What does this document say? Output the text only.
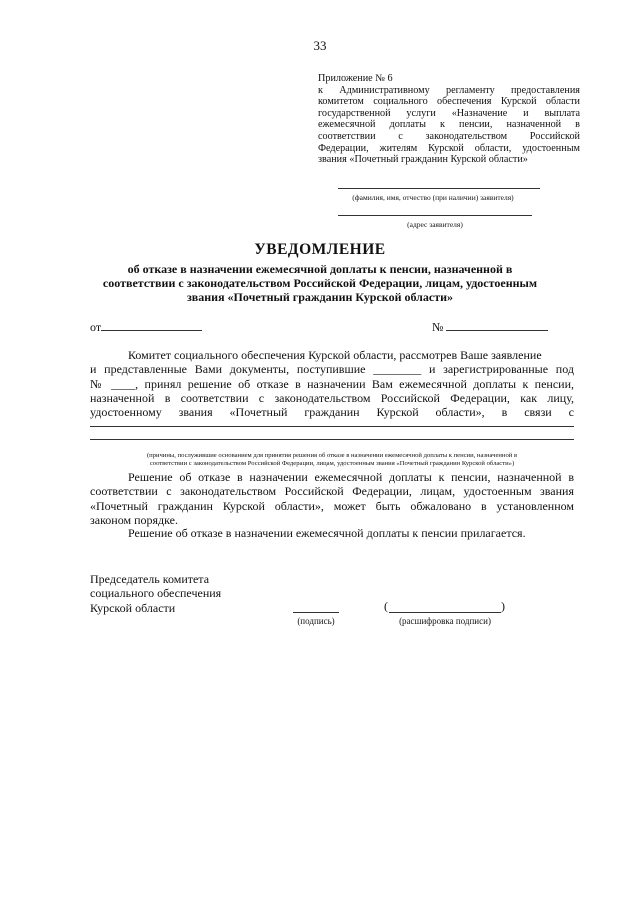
33

Приложение № 6

к Административному регламенту предоставления

комитетом социального обеспечения Курской области

государственной услуги «Назначение и выплата

ежемесячной доплаты к пенсии, назначенной в

соответствии с законодательством Российской

Федерации, жителям Курской области, удостоенным

звания «Почетный гражданин Курской области»

(фамилия, имя, отчество (при наличии) заявителя)
(адрес заявителя)
УВЕДОМЛЕНИЕ
об отказе в назначении ежемесячной доплаты к пенсии, назначенной в
соответствии с законодательством Российской Федерации, лицам, удостоенным
звания «Почетный гражданин Курской области»
от	№
Комитет социального обеспечения Курской области, рассмотрев Ваше заявление
и представленные Вами документы, поступившие ________ и зарегистрированные под
№ ____, принял решение об отказе в назначении Вам ежемесячной доплаты к пенсии,
назначенной в соответствии с законодательством Российской Федерации, как лицу,
удостоенному звания «Почетный гражданин Курской области», в связи с
(причины, послужившие основанием для принятия решения об отказе в назначении ежемесячной доплаты к пенсии, назначенной в
соответствии с законодательством Российской Федерации, лицам, удостоенным звания «Почетный гражданин Курской области»)
Решение об отказе в назначении ежемесячной доплаты к пенсии, назначенной в
соответствии с законодательством Российской Федерации, лицам, удостоенным звания
«Почетный гражданин Курской области», может быть обжаловано в установленном
законом порядке.
Решение об отказе в назначении ежемесячной доплаты к пенсии прилагается.
Председатель комитета
социального обеспечения
Курской области
(подпись)
(	)
(расшифровка подписи)
